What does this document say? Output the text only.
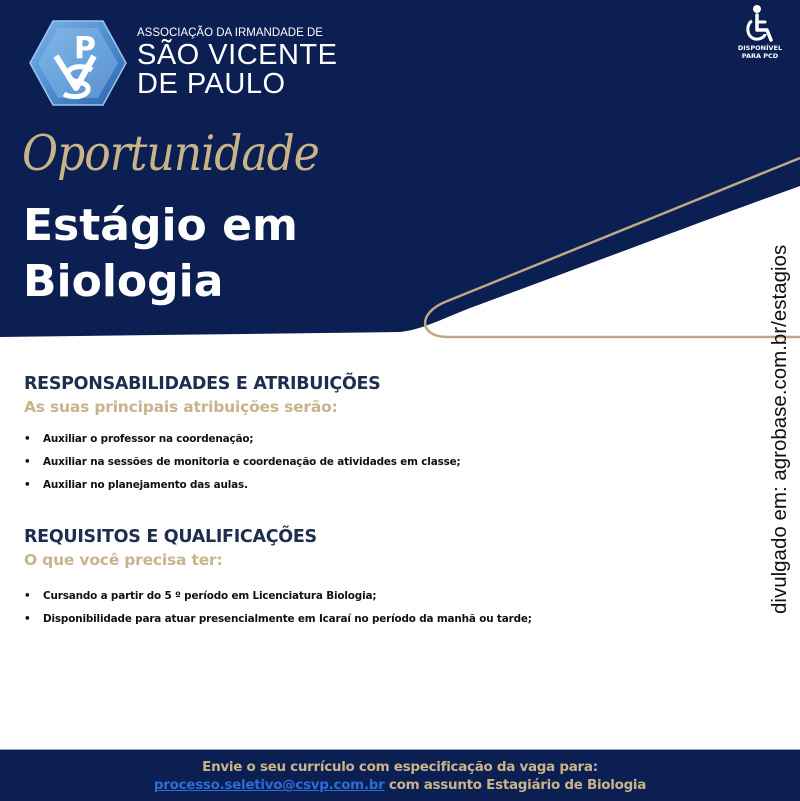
P	ASSOCIAÇÃO DA IRMANDADE DE
SÃO VICENTE
DE PAULO
DISPONÍVEL
PARA PCD
Oportunidade
Estágio em
Biologia	divulgado em: agrobase.com.br/estagios
RESPONSABILIDADES E ATRIBUIÇÕES
As suas principais atribuições serão:
• Auxiliar o professor na coordenação;
• Auxiliar na sessões de monitoria e coordenação de atividades em classe;
• Auxiliar no planejamento das aulas.
REQUISITOS E QUALIFICAÇÕES
O que você precisa ter:
• Cursando a partir do 5 º período em Licenciatura Biologia;
• Disponibilidade para atuar presencialmente em Icaraí no período da manhã ou tarde;
Envie o seu currículo com especificação da vaga para:
processo.seletivo@csvp.com.br com assunto Estagiário de Biologia
